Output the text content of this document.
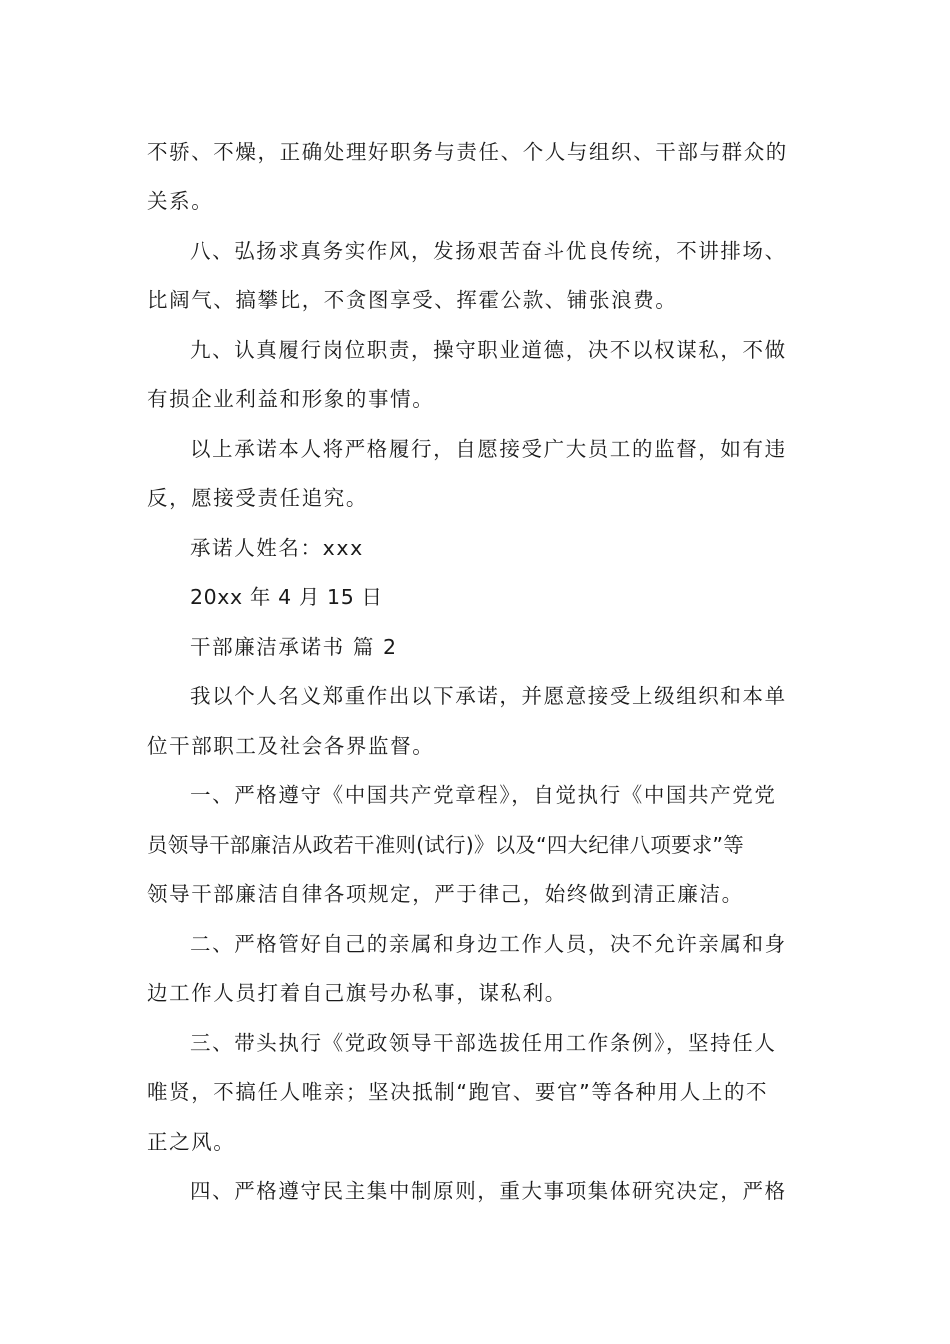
不骄、不燥，正确处理好职务与责任、个人与组织、干部与群众的
关系。
八、弘扬求真务实作风，发扬艰苦奋斗优良传统，不讲排场、
比阔气、搞攀比，不贪图享受、挥霍公款、铺张浪费。
九、认真履行岗位职责，操守职业道德，决不以权谋私，不做
有损企业利益和形象的事情。
以上承诺本人将严格履行，自愿接受广大员工的监督，如有违
反，愿接受责任追究。
承诺人姓名：xxx
20xx 年 4 月 15 日
干部廉洁承诺书 篇 2
我以个人名义郑重作出以下承诺，并愿意接受上级组织和本单
位干部职工及社会各界监督。
一、严格遵守《中国共产党章程》，自觉执行《中国共产党党
员领导干部廉洁从政若干准则(试行)》以及“四大纪律八项要求”等
领导干部廉洁自律各项规定，严于律己，始终做到清正廉洁。
二、严格管好自己的亲属和身边工作人员，决不允许亲属和身
边工作人员打着自己旗号办私事，谋私利。
三、带头执行《党政领导干部选拔任用工作条例》，坚持任人
唯贤，不搞任人唯亲；坚决抵制“跑官、要官”等各种用人上的不
正之风。
四、严格遵守民主集中制原则，重大事项集体研究决定，严格
